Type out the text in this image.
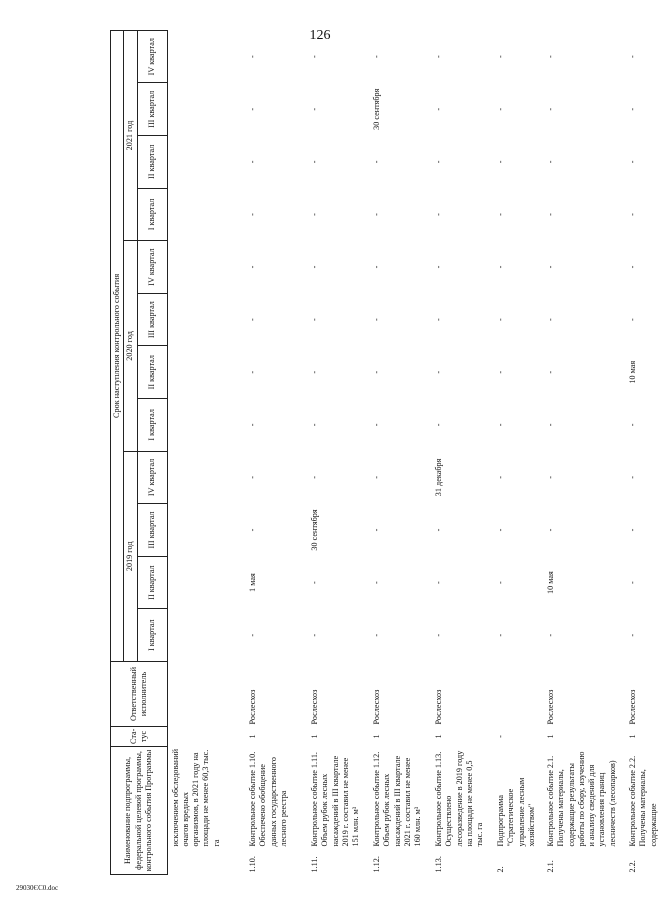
126
Наименование подпрограммы, федеральной целевой программы, контрольного события Программы		Ста-тус	Ответственный исполнитель	Срок наступления контрольного события											
				2019 год				2020 год				2021 год			
				I квартал	II квартал	III квартал	IV квартал	I квартал	II квартал	III квартал	IV квартал	I квартал	II квартал	III квартал	IV квартал
	исключением обследований очагов вредных организмов, в 2021 году на площади не менее 60,3 тыс. га														
1.10.	Контрольное событие 1.10. Обеспечено обобщение данных государственного лесного реестра	1	Рослесхоз	-	1 мая	-	-	-	-	-	-	-	-	-	-
1.11.	Контрольное событие 1.11. Объем рубок лесных насаждений в III квартале 2019 г. составил не менее 151 млн. м³	1	Рослесхоз	-	-	30 сентября	-	-	-	-	-	-	-	-	-
1.12.	Контрольное событие 1.12. Объем рубок лесных насаждений в III квартале 2021 г. составил не менее 160 млн. м³	1	Рослесхоз	-	-	-	-	-	-	-	-	-	-	30 сентября	-
1.13.	Контрольное событие 1.13. Осуществлено лесоразведение в 2019 году на площади не менее 0,5 тыс. га	1	Рослесхоз	-	-	-	31 декабря	-	-	-	-	-	-	-	-
2.	Подпрограмма "Стратегическое управление лесным хозяйством"	-		-	-	-	-	-	-	-	-	-	-	-	-
2.1.	Контрольное событие 2.1. Получены материалы, содержащие результаты работы по сбору, изучению и анализу сведений для установления границ лесничеств (лесопарков)	1	Рослесхоз	-	10 мая	-	-	-	-	-	-	-	-	-	-
2.2.	Контрольное событие 2.2. Получены материалы, содержащие	1	Рослесхоз	-	-	-	-	-	10 мая	-	-	-	-	-	-
29030ЄС0.doc
